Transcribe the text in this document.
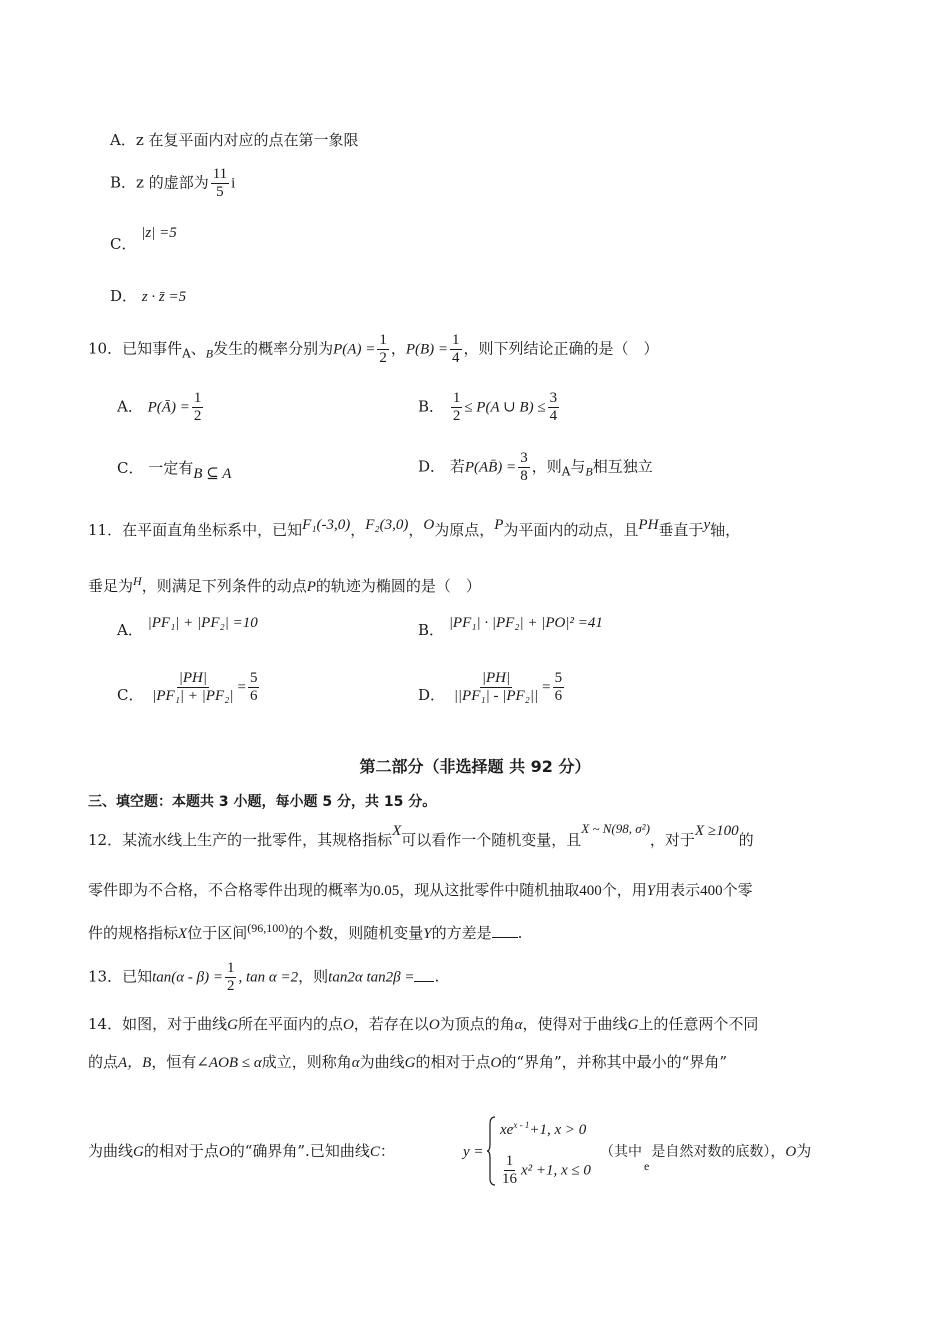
A．z 在复平面内对应的点在第一象限
B．z 的虚部为 $\frac{11}{5}$ i
C． |z| =5
D． z · z̄ =5
10．已知事件$_A$、$_B$发生的概率分别为$P(A) = \frac{1}{2}$ ，$P(B) = \frac{1}{4}$ ，则下列结论正确的是（　）
A． P(Ā) = $\frac{1}{2}$	B． $\frac{1}{2} \le P(A$ ∪ $B) \le \frac{3}{4}$
C． 一定有B ⊆ A	D． 若P(AB̄) = $\frac{3}{8}$ ，则$_A$与$_B$相互独立
11．在平面直角坐标系中，已知F₁(-3,0)，F₂(3,0)，O为原点，P为平面内的动点，且PH垂直于y轴，
垂足为$^H$，则满足下列条件的动点P的轨迹为椭圆的是（　）
A． |PF₁| + |PF₂| =10	B． |PF₁| · |PF₂| + |PO|² =41
C． $\frac{|PH|}{\text{|PF₁| + |PF₂|}} = \frac{5}{6}$	D． $\frac{|PH|}{\text{||PF₁| - |PF₂||}} = \frac{5}{6}$
第二部分（非选择题 共 92 分）
三、填空题：本题共 3 小题，每小题 5 分，共 15 分。
12．某流水线上生产的一批零件，其规格指标X可以看作一个随机变量，且X ~ N(98, σ²)，对于X ≥100的
零件即为不合格，不合格零件出现的概率为0.05，现从这批零件中随机抽取400个，用Y用表示400个零
件的规格指标X位于区间$^{(96,100)}$的个数，则随机变量Y的方差是 .
13．已知$\tan(\alpha - \beta) = \frac{1}{2}$ , tan α =2，则tan2α tan2β = .
14．如图，对于曲线G所在平面内的点O，若存在以O为顶点的角α，使得对于曲线G上的任意两个不同
的点A，B，恒有∠AOB ≤ α成立，则称角α为曲线G的相对于点O的“界角”，并称其中最小的“界角”
为曲线G的相对于点O的“确界角”.已知曲线C：	y =
$xe^{x - 1}+1$, x > 0
$\frac{1}{16} x^2 +1$, x ≤ 0
（其中$_e$是自然对数的底数），O为
